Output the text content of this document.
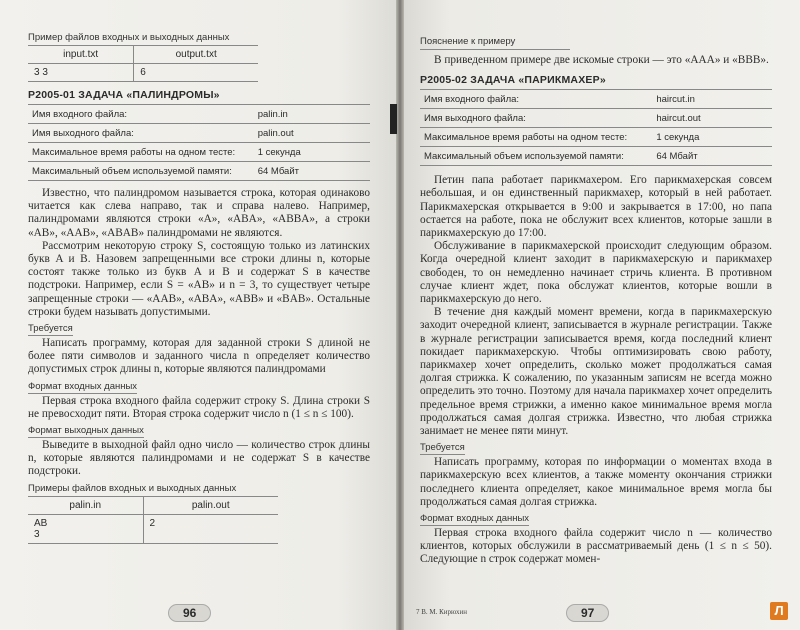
Пример файлов входных и выходных данных
input.txt	output.txt
3 3	6
P2005-01 ЗАДАЧА «ПАЛИНДРОМЫ»
Имя входного файла:	palin.in
Имя выходного файла:	palin.out
Максимальное время работы на одном тесте:	1 секунда
Максимальный объем используемой памяти:	64 Мбайт

Известно, что палиндромом называется строка, которая одинаково читается как слева направо, так и справа налево. Например, палиндромами являются строки «A», «ABA», «ABBA», а строки «AB», «AAB», «ABAB» палиндромами не являются.

Рассмотрим некоторую строку S, состоящую только из латинских букв A и B. Назовем запрещенными все строки длины n, которые состоят также только из букв A и B и содержат S в качестве подстроки. Например, если S = «AB» и n = 3, то существует четыре запрещенные строки — «AAB», «ABA», «ABB» и «BAB». Остальные строки будем называть допустимыми.

Требуется

Написать программу, которая для заданной строки S длиной не более пяти символов и заданного числа n определяет количество допустимых строк длины n, которые являются палиндромами

Формат входных данных

Первая строка входного файла содержит строку S. Длина строки S не превосходит пяти. Вторая строка содержит число n (1 ≤ n ≤ 100).

Формат выходных данных

Выведите в выходной файл одно число — количество строк длины n, которые являются палиндромами и не содержат S в качестве подстроки.

Примеры файлов входных и выходных данных
palin.in	palin.out
AB
3	2
96
Пояснение к примеру

В приведенном примере две искомые строки — это «AAA» и «BBB».

P2005-02 ЗАДАЧА «ПАРИКМАХЕР»
Имя входного файла:	haircut.in
Имя выходного файла:	haircut.out
Максимальное время работы на одном тесте:	1 секунда
Максимальный объем используемой памяти:	64 Мбайт

Петин папа работает парикмахером. Его парикмахерская совсем небольшая, и он единственный парикмахер, который в ней работает. Парикмахерская открывается в 9:00 и закрывается в 17:00, но папа остается на работе, пока не обслужит всех клиентов, которые зашли в парикмахерскую до 17:00.

Обслуживание в парикмахерской происходит следующим образом. Когда очередной клиент заходит в парикмахерскую и парикмахер свободен, то он немедленно начинает стричь клиента. В противном случае клиент ждет, пока обслужат клиентов, которые вошли в парикмахерскую до него.

В течение дня каждый момент времени, когда в парикмахерскую заходит очередной клиент, записывается в журнале регистрации. Также в журнале регистрации записывается время, когда последний клиент покидает парикмахерскую. Чтобы оптимизировать свою работу, парикмахер хочет определить, сколько может продолжаться самая долгая стрижка. К сожалению, по указанным записям не всегда можно определить это точно. Поэтому для начала парикмахер хочет определить предельное время стрижки, а именно какое минимальное время могла продолжаться самая долгая стрижка. Известно, что любая стрижка занимает не менее пяти минут.

Требуется

Написать программу, которая по информации о моментах входа в парикмахерскую всех клиентов, а также моменту окончания стрижки последнего клиента определяет, какое минимальное время могла бы продолжаться самая долгая стрижка.

Формат входных данных

Первая строка входного файла содержит число n — количество клиентов, которых обслужили в рассматриваемый день (1 ≤ n ≤ 50). Следующие n строк содержат момен-

7 В. М. Кирюхин	97	Л
